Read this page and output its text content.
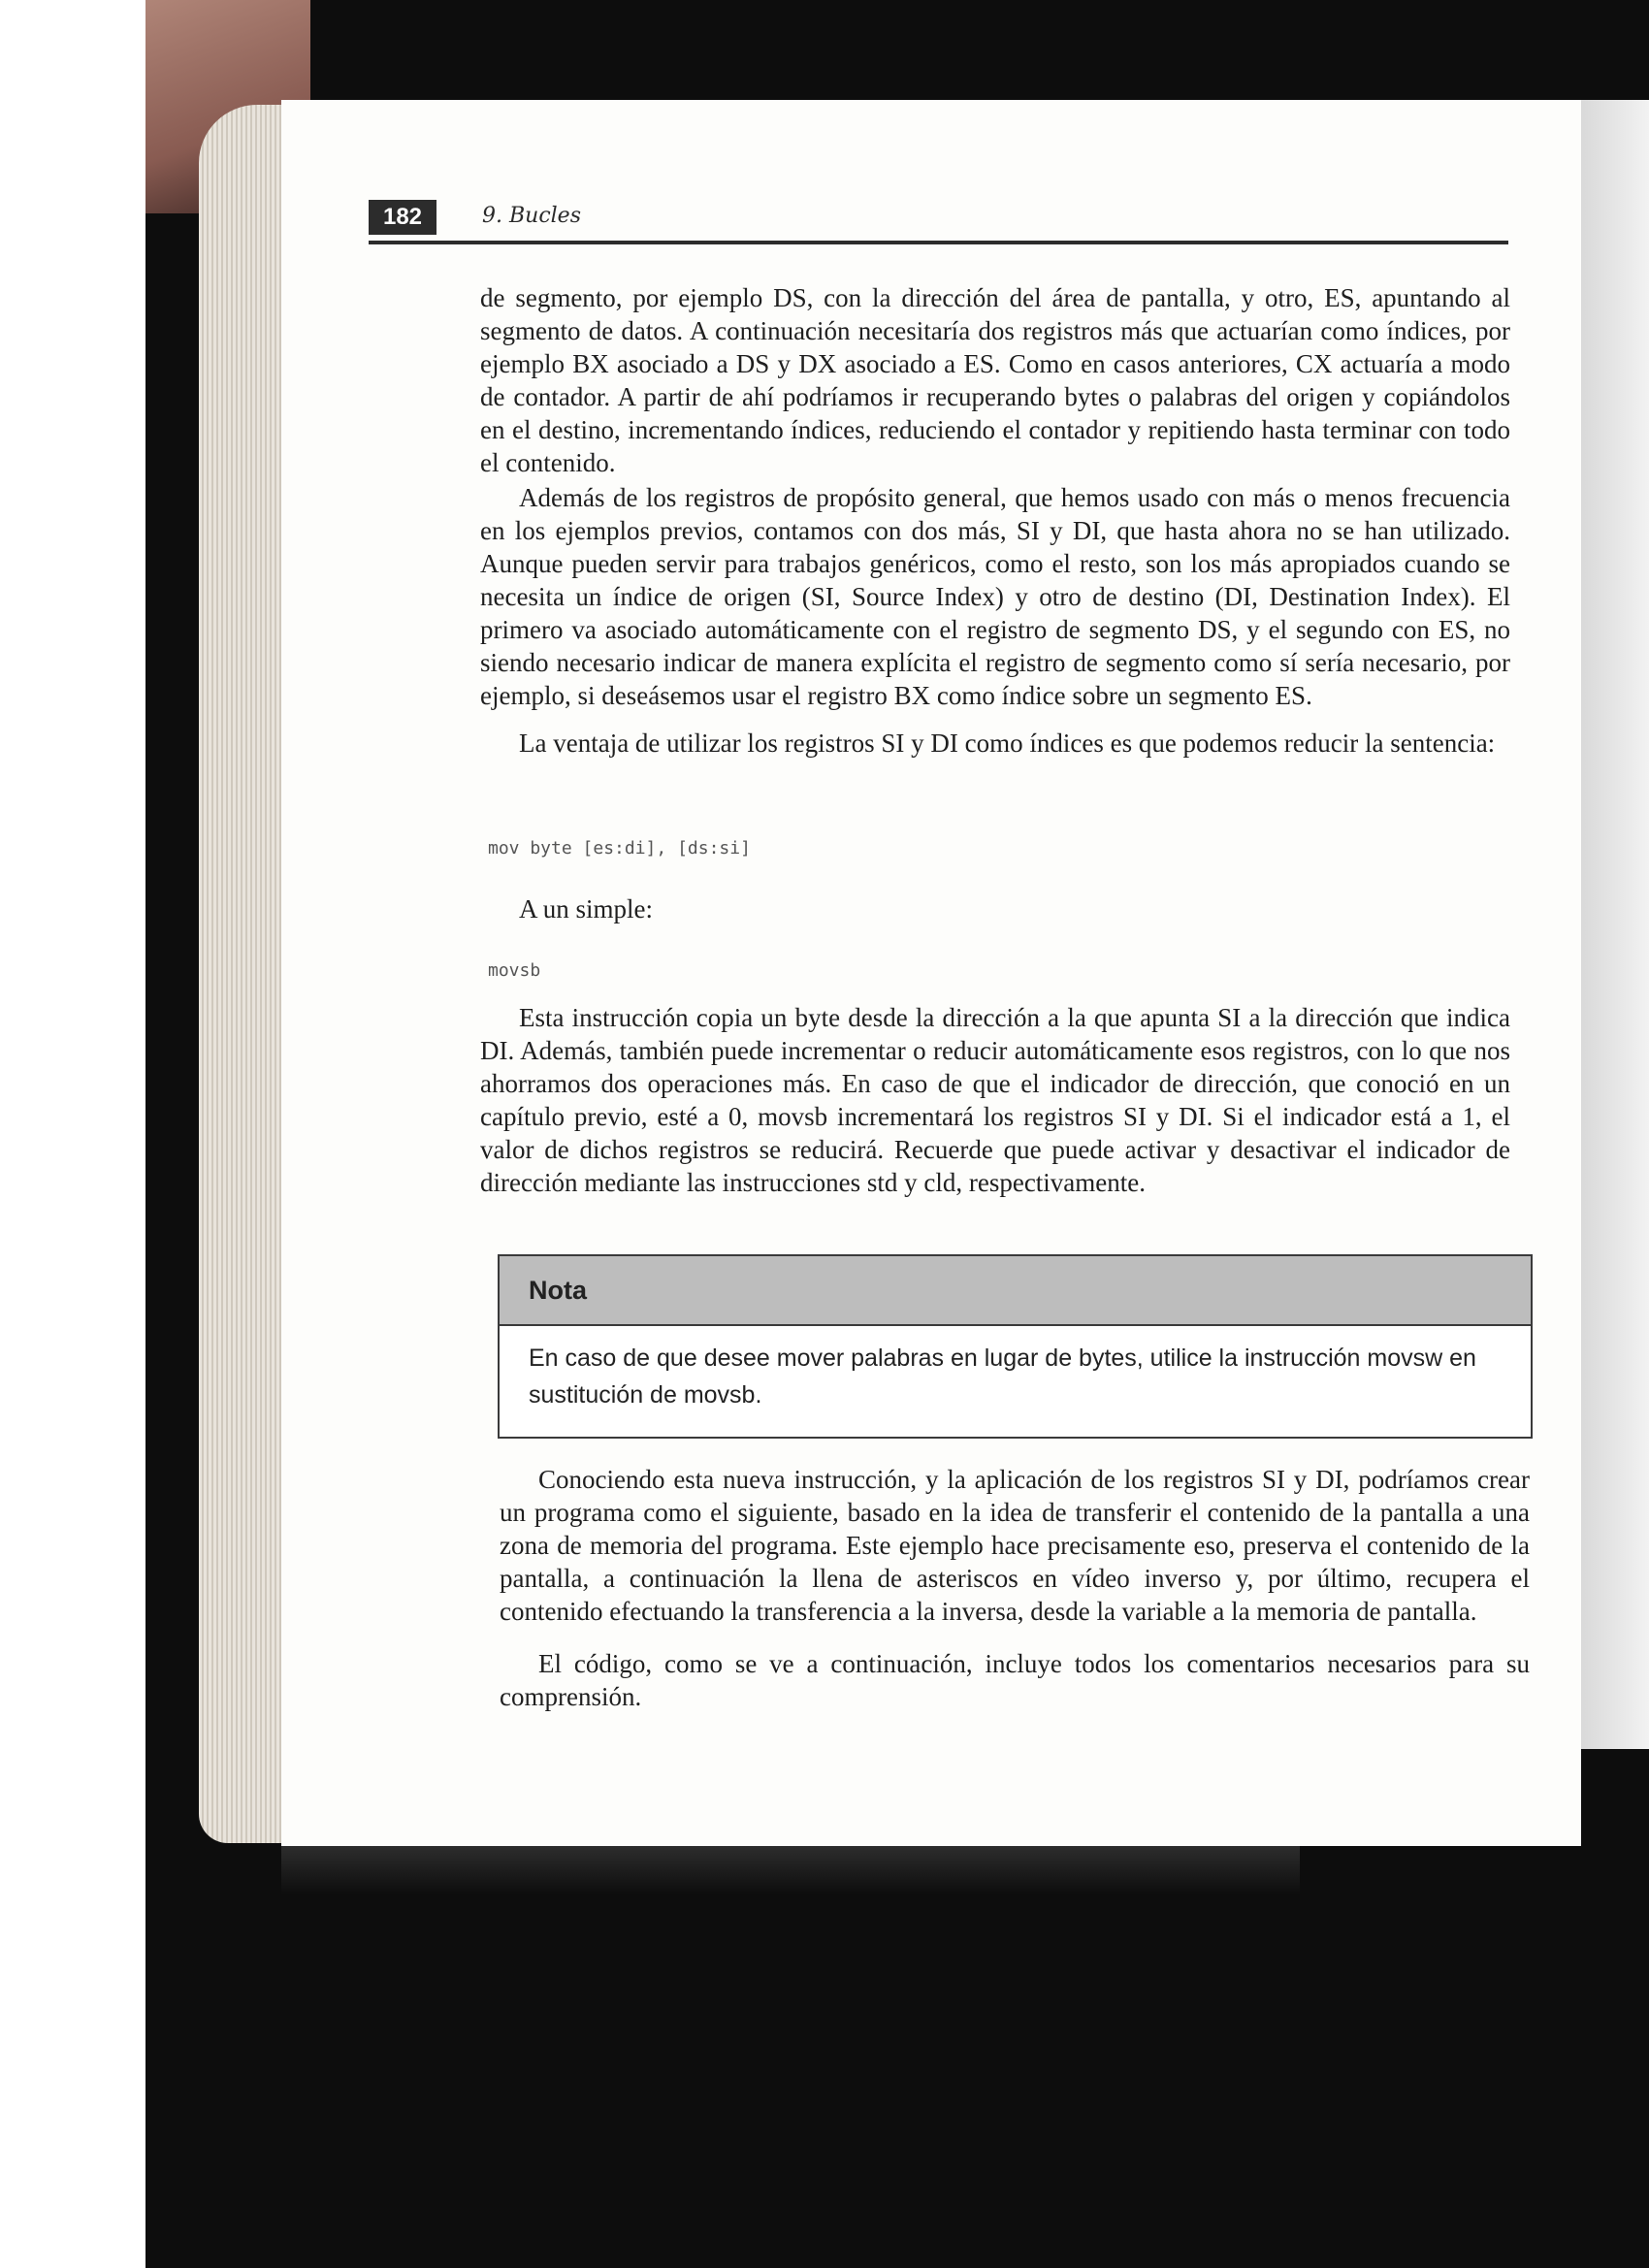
182	9. Bucles

de segmento, por ejemplo DS, con la dirección del área de pantalla, y otro, ES, apuntando al segmento de datos. A continuación necesitaría dos registros más que actuarían como índices, por ejemplo BX asociado a DS y DX asociado a ES. Como en casos anteriores, CX actuaría a modo de contador. A partir de ahí podríamos ir recuperando bytes o palabras del origen y copiándolos en el destino, incrementando índices, reduciendo el contador y repitiendo hasta terminar con todo el contenido.

Además de los registros de propósito general, que hemos usado con más o menos frecuencia en los ejemplos previos, contamos con dos más, SI y DI, que hasta ahora no se han utilizado. Aunque pueden servir para trabajos genéricos, como el resto, son los más apropiados cuando se necesita un índice de origen (SI, Source Index) y otro de destino (DI, Destination Index). El primero va asociado automáticamente con el registro de segmento DS, y el segundo con ES, no siendo necesario indicar de manera explícita el registro de segmento como sí sería necesario, por ejemplo, si deseásemos usar el registro BX como índice sobre un segmento ES.

La ventaja de utilizar los registros SI y DI como índices es que podemos reducir la sentencia:

mov byte [es:di], [ds:si]

A un simple:

movsb

Esta instrucción copia un byte desde la dirección a la que apunta SI a la dirección que indica DI. Además, también puede incrementar o reducir automáticamente esos registros, con lo que nos ahorramos dos operaciones más. En caso de que el indicador de dirección, que conoció en un capítulo previo, esté a 0, movsb incrementará los registros SI y DI. Si el indicador está a 1, el valor de dichos registros se reducirá. Recuerde que puede activar y desactivar el indicador de dirección mediante las instrucciones std y cld, respectivamente.

Nota
En caso de que desee mover palabras en lugar de bytes, utilice la instrucción movsw en sustitución de movsb.

Conociendo esta nueva instrucción, y la aplicación de los registros SI y DI, podríamos crear un programa como el siguiente, basado en la idea de transferir el contenido de la pantalla a una zona de memoria del programa. Este ejemplo hace precisamente eso, preserva el contenido de la pantalla, a continuación la llena de asteriscos en vídeo inverso y, por último, recupera el contenido efectuando la transferencia a la inversa, desde la variable a la memoria de pantalla.

El código, como se ve a continuación, incluye todos los comentarios necesarios para su comprensión.
